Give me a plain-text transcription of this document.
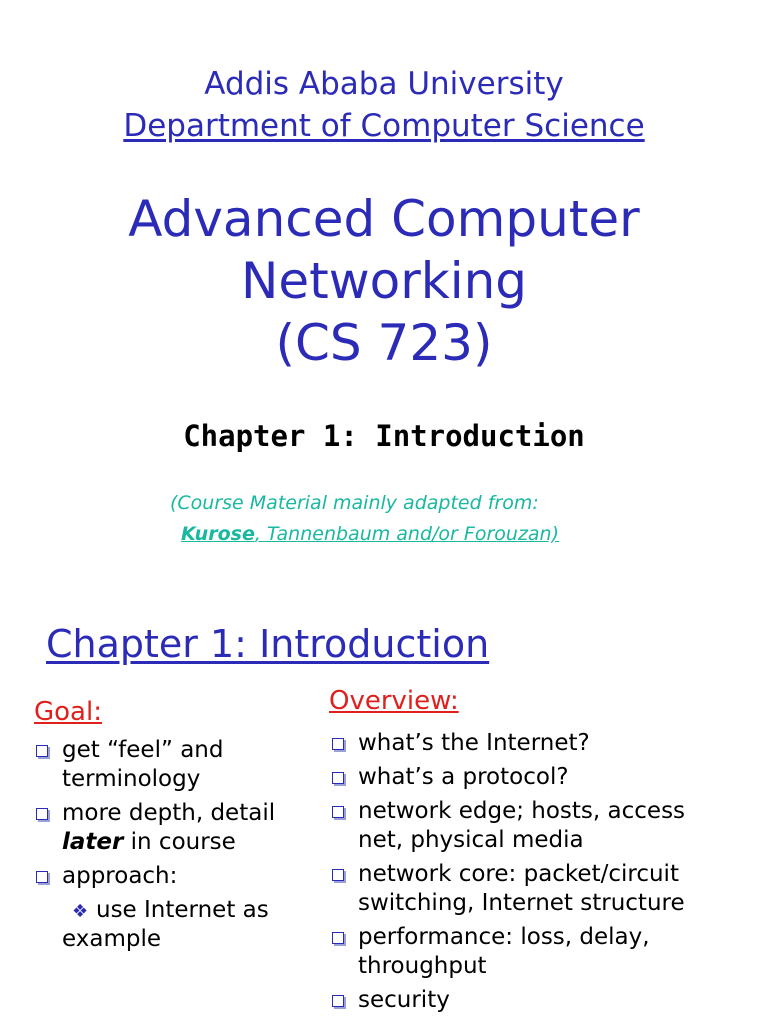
Addis Ababa University
Department of Computer Science
Advanced Computer
Networking
(CS 723)
Chapter 1: Introduction
(Course Material mainly adapted from:
Kurose, Tannenbaum and/or Forouzan)
Chapter 1: Introduction
Goal:	Overview:
get “feel” and
terminology
more depth, detail
later in course
approach:
❖ use Internet as
example
what’s the Internet?
what’s a protocol?
network edge; hosts, access
net, physical media
network core: packet/circuit
switching, Internet structure
performance: loss, delay,
throughput
security
